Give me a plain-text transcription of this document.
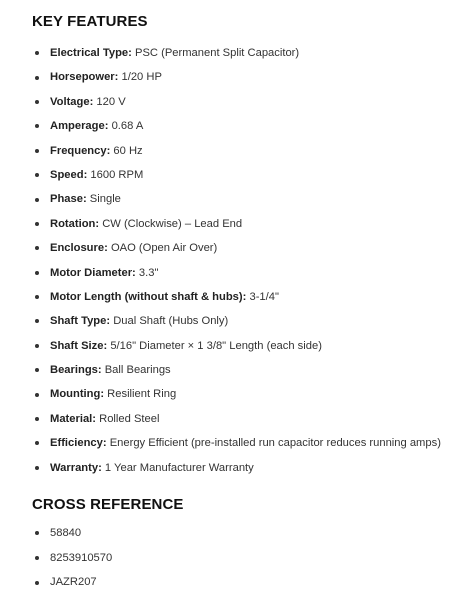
KEY FEATURES
Electrical Type: PSC (Permanent Split Capacitor)
Horsepower: 1/20 HP
Voltage: 120 V
Amperage: 0.68 A
Frequency: 60 Hz
Speed: 1600 RPM
Phase: Single
Rotation: CW (Clockwise) – Lead End
Enclosure: OAO (Open Air Over)
Motor Diameter: 3.3"
Motor Length (without shaft & hubs): 3-1/4"
Shaft Type: Dual Shaft (Hubs Only)
Shaft Size: 5/16" Diameter × 1 3/8" Length (each side)
Bearings: Ball Bearings
Mounting: Resilient Ring
Material: Rolled Steel
Efficiency: Energy Efficient (pre-installed run capacitor reduces running amps)
Warranty: 1 Year Manufacturer Warranty
CROSS REFERENCE
58840
8253910570
JAZR207
